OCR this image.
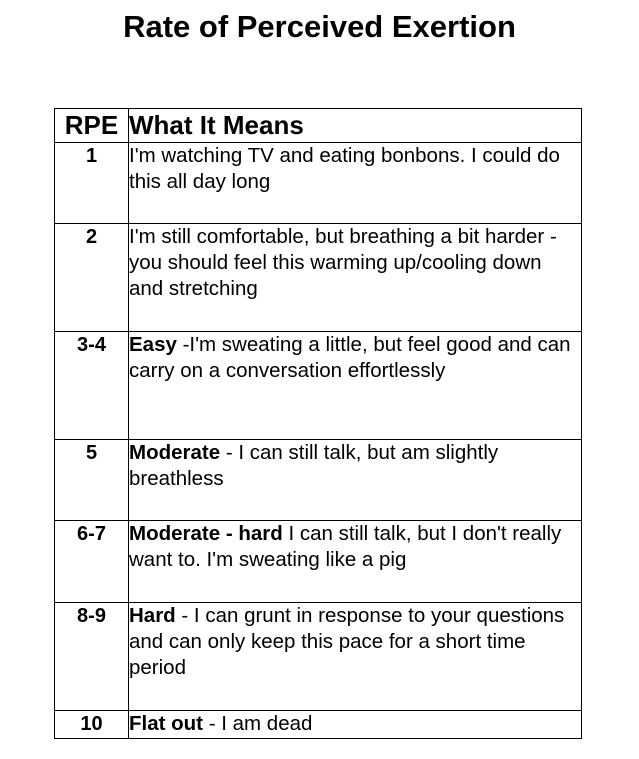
Rate of Perceived Exertion
RPE	What It Means
1	I'm watching TV and eating bonbons. I could do this all day long
2	I'm still comfortable, but breathing a bit harder - you should feel this warming up/cooling down and stretching
3-4	Easy -I'm sweating a little, but feel good and can carry on a conversation effortlessly
5	Moderate - I can still talk, but am slightly breathless
6-7	Moderate - hard I can still talk, but I don't really want to. I'm sweating like a pig
8-9	Hard - I can grunt in response to your questions and can only keep this pace for a short time period
10	Flat out - I am dead
